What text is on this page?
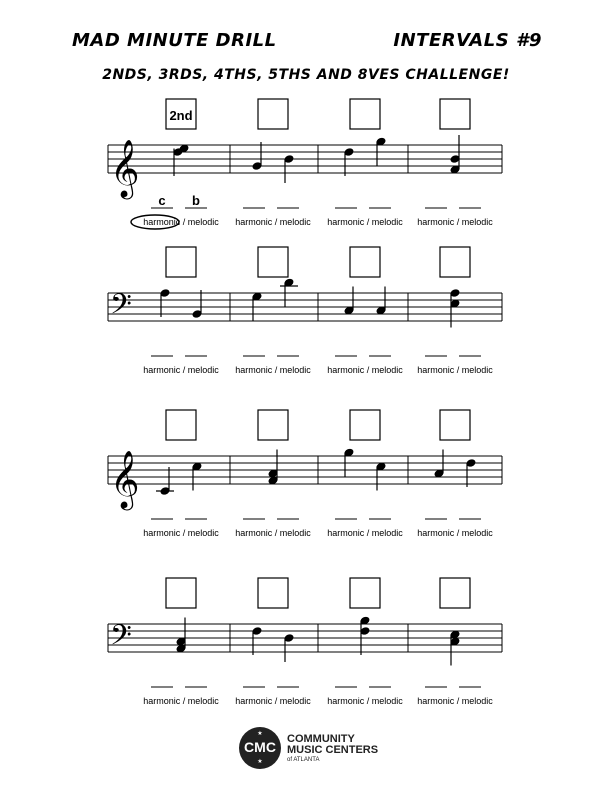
MAD MINUTE DRILL	INTERVALS #9
2NDS, 3RDS, 4THS, 5THS AND 8VES CHALLENGE!
𝄞
harmonic / melodic harmonic / melodic harmonic / melodic harmonic / melodic
2nd
c b
𝄢
harmonic / melodic harmonic / melodic harmonic / melodic harmonic / melodic
𝄞
harmonic / melodic harmonic / melodic harmonic / melodic harmonic / melodic
𝄢
harmonic / melodic harmonic / melodic harmonic / melodic harmonic / melodic
★
CMC
★
COMMUNITY
MUSIC CENTERS
of ATLANTA
